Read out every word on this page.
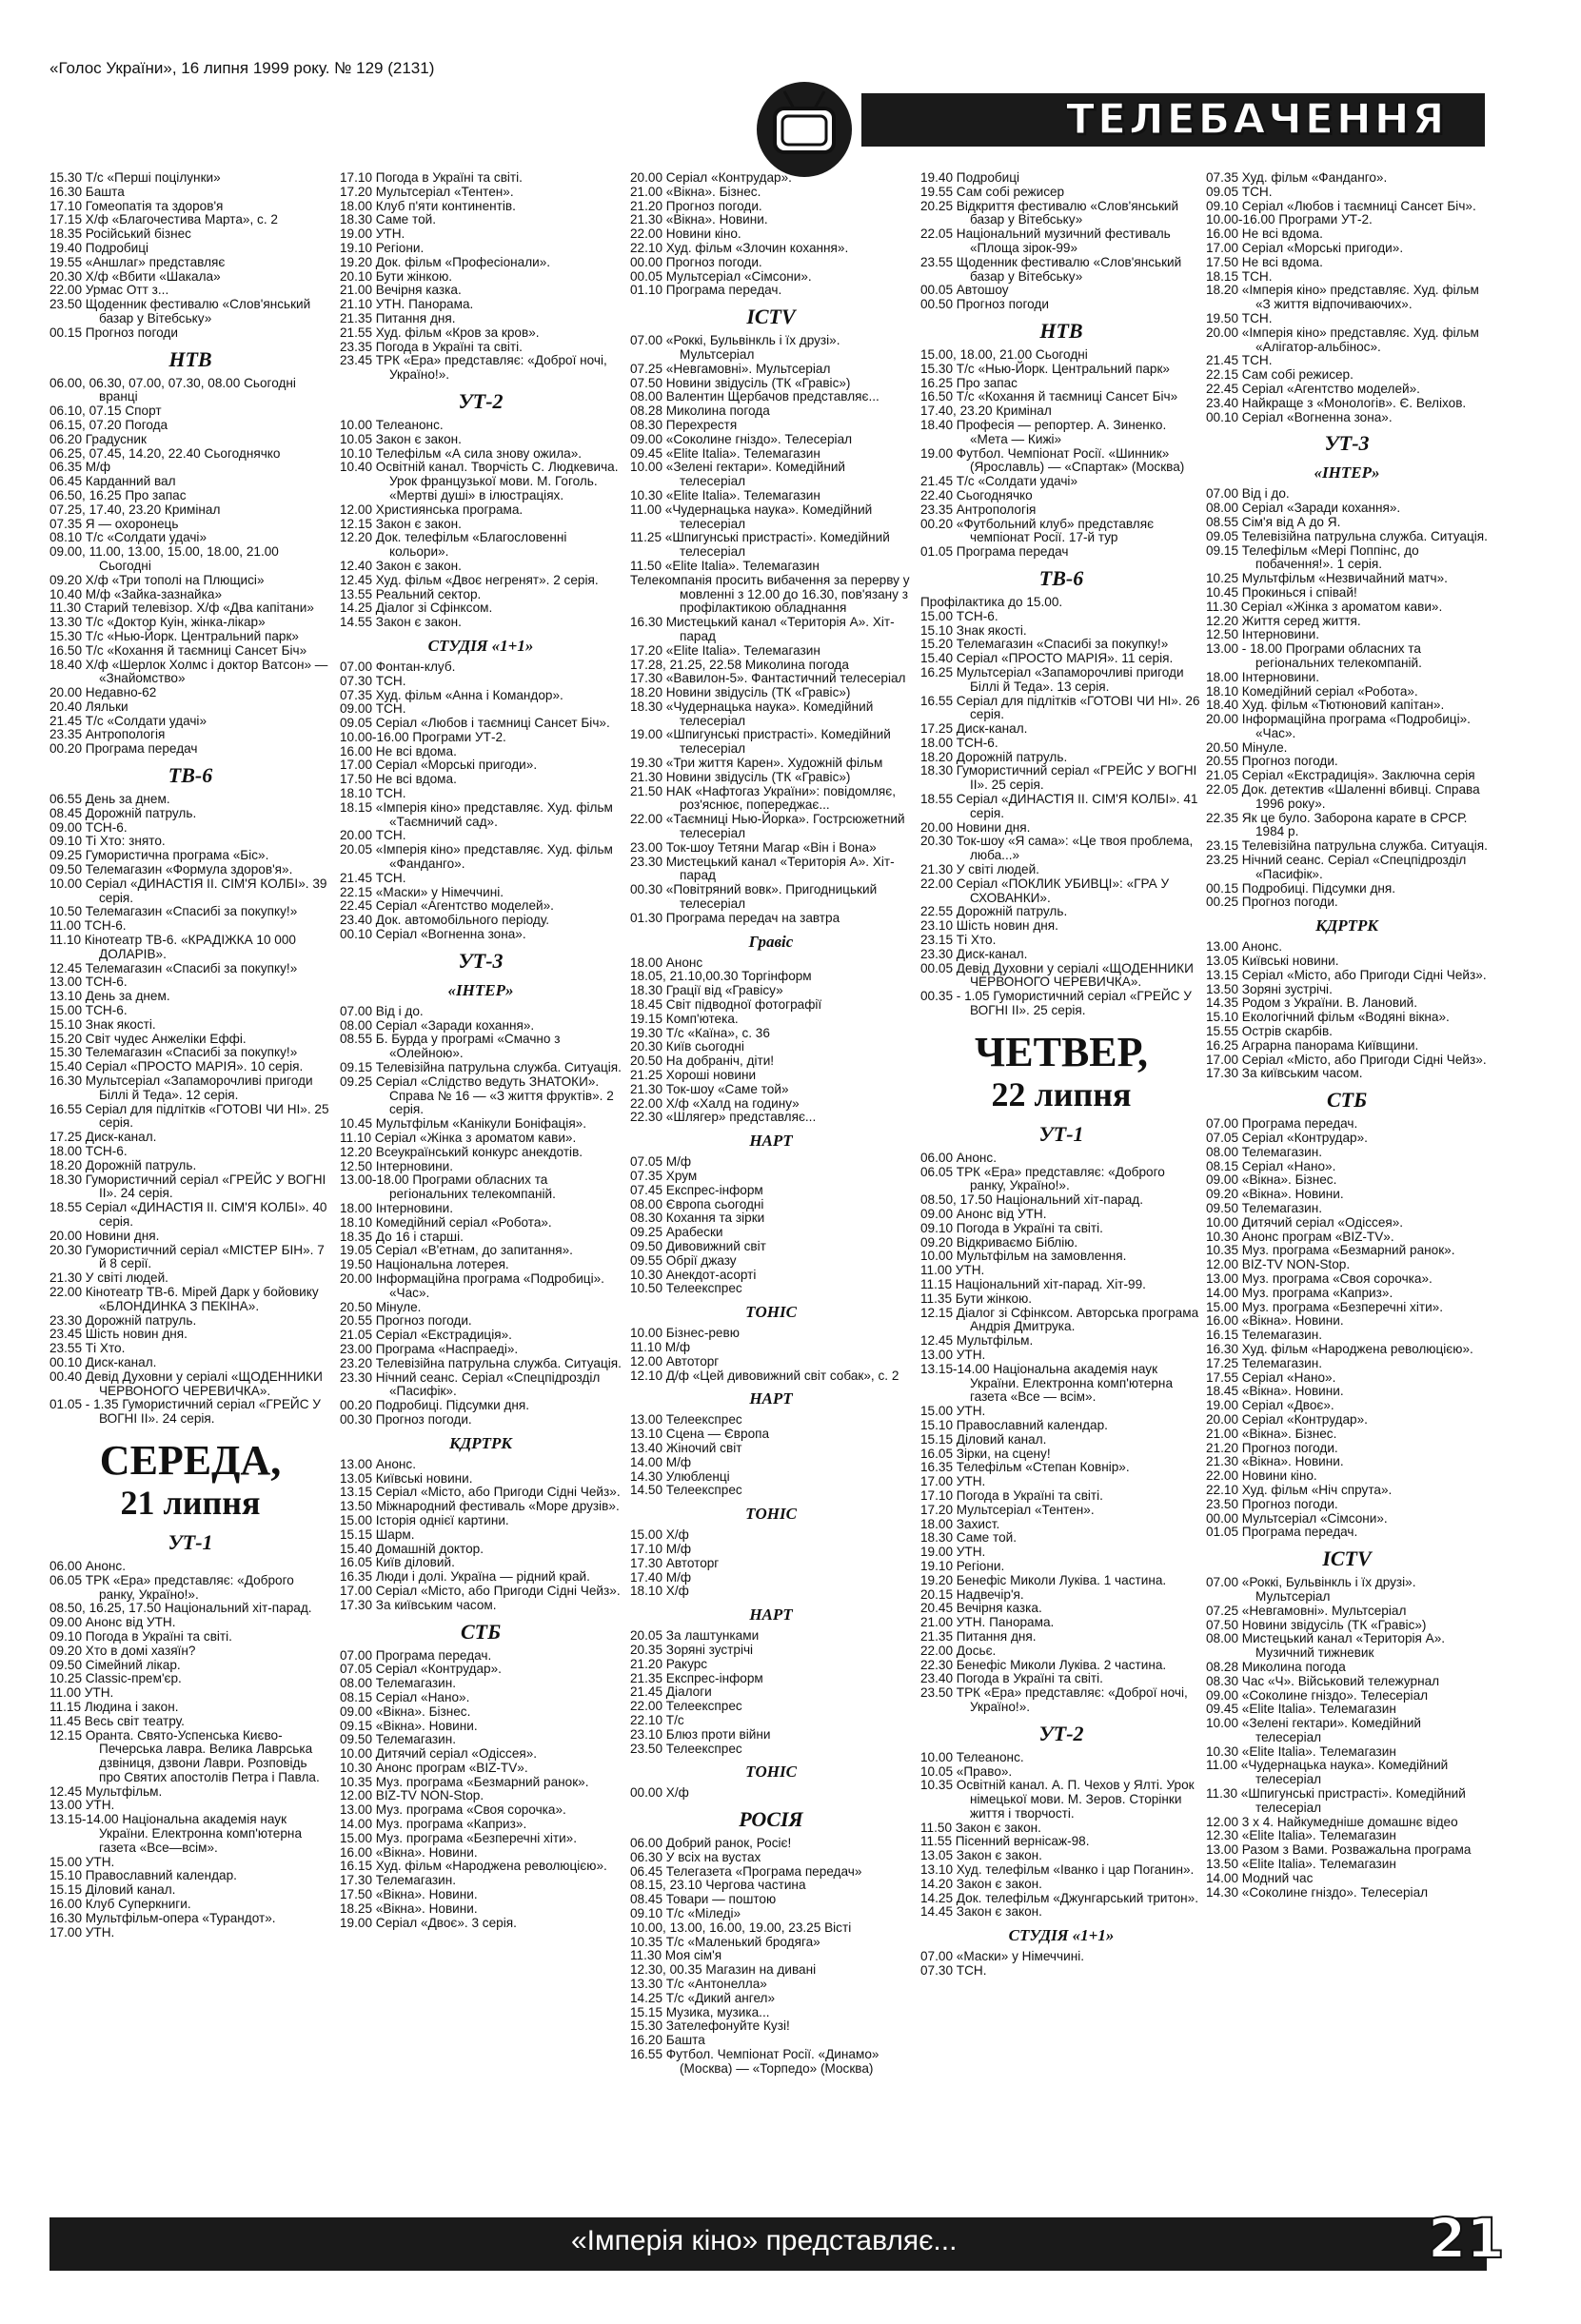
«Голос України», 16 липня 1999 року. № 129 (2131)
ТЕЛЕБАЧЕННЯ
15.30 Т/с «Перші поцілунки»
16.30 Башта
17.10 Гомеопатія та здоров'я
17.15 Х/ф «Благочестива Марта», с. 2
18.35 Російський бізнес
19.40 Подробиці
19.55 «Аншлаг» представляє
20.30 Х/ф «Вбити «Шакала»
22.00 Урмас Отт з...
23.50 Щоденник фестивалю «Слов'янський базар у Вітебську»
00.15 Прогноз погоди
НТВ
06.00, 06.30, 07.00, 07.30, 08.00 Сьогодні вранці
06.10, 07.15 Спорт
06.15, 07.20 Погода
06.20 Градусник
06.25, 07.45, 14.20, 22.40 Сьогоднячко
06.35 М/ф
06.45 Карданний вал
06.50, 16.25 Про запас
07.25, 17.40, 23.20 Кримінал
07.35 Я — охоронець
08.10 Т/с «Солдати удачі»
09.00, 11.00, 13.00, 15.00, 18.00, 21.00 Сьогодні
09.20 Х/ф «Три тополі на Плющисі»
10.40 М/ф «Зайка-зазнайка»
11.30 Старий телевізор. Х/ф «Два капітани»
13.30 Т/с «Доктор Куін, жінка-лікар»
15.30 Т/с «Нью-Йорк. Центральний парк»
16.50 Т/с «Кохання й таємниці Сансет Біч»
18.40 Х/ф «Шерлок Холмс і доктор Ватсон» — «Знайомство»
20.00 Недавно-62
20.40 Ляльки
21.45 Т/с «Солдати удачі»
23.35 Антропологія
00.20 Програма передач
ТВ-6
06.55 День за днем.
08.45 Дорожній патруль.
09.00 ТСН-6.
09.10 Ті Хто: знято.
09.25 Гумористична програма «Біс».
09.50 Телемагазин «Формула здоров'я».
10.00 Серіал «ДИНАСТІЯ ІІ. СІМ'Я КОЛБІ». 39 серія.
10.50 Телемагазин «Спасибі за покупку!»
11.00 ТСН-6.
11.10 Кінотеатр ТВ-6. «КРАДІЖКА 10 000 ДОЛАРІВ».
12.45 Телемагазин «Спасибі за покупку!»
13.00 ТСН-6.
13.10 День за днем.
15.00 ТСН-6.
15.10 Знак якості.
15.20 Світ чудес Анжеліки Еффі.
15.30 Телемагазин «Спасибі за покупку!»
15.40 Серіал «ПРОСТО МАРІЯ». 10 серія.
16.30 Мультсеріал «Запаморочливі пригоди Біллі й Теда». 12 серія.
16.55 Серіал для підлітків «ГОТОВІ ЧИ НІ». 25 серія.
17.25 Диск-канал.
18.00 ТСН-6.
18.20 Дорожній патруль.
18.30 Гумористичний серіал «ГРЕЙС У ВОГНІ ІІ». 24 серія.
18.55 Серіал «ДИНАСТІЯ ІІ. СІМ'Я КОЛБІ». 40 серія.
20.00 Новини дня.
20.30 Гумористичний серіал «МІСТЕР БІН». 7 й 8 серії.
21.30 У світі людей.
22.00 Кінотеатр ТВ-6. Мірей Дарк у бойовику «БЛОНДИНКА З ПЕКІНА».
23.30 Дорожній патруль.
23.45 Шість новин дня.
23.55 Ті Хто.
00.10 Диск-канал.
00.40 Девід Духовни у серіалі «ЩОДЕННИКИ ЧЕРВОНОГО ЧЕРЕВИЧКА».
01.05 - 1.35 Гумористичний серіал «ГРЕЙС У ВОГНІ ІІ». 24 серія.
СЕРЕДА,
21 липня
УТ-1
06.00 Анонс.
06.05 ТРК «Ера» представляє: «Доброго ранку, Україно!».
08.50, 16.25, 17.50 Національний хіт-парад.
09.00 Анонс від УТН.
09.10 Погода в Україні та світі.
09.20 Хто в домі хазяїн?
09.50 Сімейний лікар.
10.25 Classic-прем'єр.
11.00 УТН.
11.15 Людина і закон.
11.45 Весь світ театру.
12.15 Оранта. Свято-Успенська Києво-Печерська лавра. Велика Лаврська дзвіниця, дзвони Лаври. Розповідь про Святих апостолів Петра і Павла.
12.45 Мультфільм.
13.00 УТН.
13.15-14.00 Національна академія наук України. Електронна комп'ютерна газета «Все—всім».
15.00 УТН.
15.10 Православний календар.
15.15 Діловий канал.
16.00 Клуб Суперкниги.
16.30 Мультфільм-опера «Турандот».
17.00 УТН.
17.10 Погода в Україні та світі.
17.20 Мультсеріал «Тентен».
18.00 Клуб п'яти континентів.
18.30 Саме той.
19.00 УТН.
19.10 Регіони.
19.20 Док. фільм «Професіонали».
20.10 Бути жінкою.
21.00 Вечірня казка.
21.10 УТН. Панорама.
21.35 Питання дня.
21.55 Худ. фільм «Кров за кров».
23.35 Погода в Україні та світі.
23.45 ТРК «Ера» представляє: «Доброї ночі, Україно!».
УТ-2
10.00 Телеанонс.
10.05 Закон є закон.
10.10 Телефільм «А сила знову ожила».
10.40 Освітній канал. Творчість С. Людкевича. Урок французької мови. М. Гоголь. «Мертві душі» в ілюстраціях.
12.00 Християнська програма.
12.15 Закон є закон.
12.20 Док. телефільм «Благословенні кольори».
12.40 Закон є закон.
12.45 Худ. фільм «Двоє негренят». 2 серія.
13.55 Реальний сектор.
14.25 Діалог зі Сфінксом.
14.55 Закон є закон.
СТУДІЯ «1+1»
07.00 Фонтан-клуб.
07.30 ТСН.
07.35 Худ. фільм «Анна і Командор».
09.00 ТСН.
09.05 Серіал «Любов і таємниці Сансет Біч».
10.00-16.00 Програми УТ-2.
16.00 Не всі вдома.
17.00 Серіал «Морські пригоди».
17.50 Не всі вдома.
18.10 ТСН.
18.15 «Імперія кіно» представляє. Худ. фільм «Таємничий сад».
20.00 ТСН.
20.05 «Імперія кіно» представляє. Худ. фільм «Фанданго».
21.45 ТСН.
22.15 «Маски» у Німеччині.
22.45 Серіал «Агентство моделей».
23.40 Док. автомобільного періоду.
00.10 Серіал «Вогненна зона».
УТ-3
«ІНТЕР»
07.00 Від і до.
08.00 Серіал «Заради кохання».
08.55 Б. Бурда у програмі «Смачно з «Олейною».
09.15 Телевізійна патрульна служба. Ситуація.
09.25 Серіал «Слідство ведуть ЗНАТОКИ». Справа № 16 — «З життя фруктів». 2 серія.
10.45 Мультфільм «Канікули Боніфація».
11.10 Серіал «Жінка з ароматом кави».
12.20 Всеукраїнський конкурс анекдотів.
12.50 Інтерновини.
13.00-18.00 Програми обласних та регіональних телекомпаній.
18.00 Інтерновини.
18.10 Комедійний серіал «Робота».
18.35 До 16 і старші.
19.05 Серіал «В'етнам, до запитання».
19.50 Національна лотерея.
20.00 Інформаційна програма «Подробиці». «Час».
20.50 Мінуле.
20.55 Прогноз погоди.
21.05 Серіал «Екстрадиція».
23.00 Програма «Наспраеді».
23.20 Телевізійна патрульна служба. Ситуація.
23.30 Нічний сеанс. Серіал «Спецпідрозділ «Пасифік».
00.20 Подробиці. Підсумки дня.
00.30 Прогноз погоди.
КДРТРК
13.00 Анонс.
13.05 Київські новини.
13.15 Серіал «Місто, або Пригоди Сідні Чейз».
13.50 Міжнародний фестиваль «Море друзів».
15.00 Історія однієї картини.
15.15 Шарм.
15.40 Домашній доктор.
16.05 Київ діловий.
16.35 Люди і долі. Україна — рідний край.
17.00 Серіал «Місто, або Пригоди Сідні Чейз».
17.30 За київським часом.
СТБ
07.00 Програма передач.
07.05 Серіал «Контрудар».
08.00 Телемагазин.
08.15 Серіал «Нано».
09.00 «Вікна». Бізнес.
09.15 «Вікна». Новини.
09.50 Телемагазин.
10.00 Дитячий серіал «Одіссея».
10.30 Анонс програм «BIZ-TV».
10.35 Муз. програма «Безмарний ранок».
12.00 BIZ-TV NON-Stop.
13.00 Муз. програма «Своя сорочка».
14.00 Муз. програма «Каприз».
15.00 Муз. програма «Безперечні хіти».
16.00 «Вікна». Новини.
16.15 Худ. фільм «Народжена революцією».
17.30 Телемагазин.
17.50 «Вікна». Новини.
18.25 «Вікна». Новини.
19.00 Серіал «Двоє». 3 серія.
20.00 Серіал «Контрудар».
21.00 «Вікна». Бізнес.
21.20 Прогноз погоди.
21.30 «Вікна». Новини.
22.00 Новини кіно.
22.10 Худ. фільм «Злочин кохання».
00.00 Прогноз погоди.
00.05 Мультсеріал «Сімсони».
01.10 Програма передач.
ICTV
07.00 «Роккі, Бульвінкль і їх друзі». Мультсеріал
07.25 «Невгамовні». Мультсеріал
07.50 Новини звідусіль (ТК «Гравіс»)
08.00 Валентин Щербачов представляє...
08.28 Миколина погода
08.30 Перехрестя
09.00 «Соколине гніздо». Телесеріал
09.45 «Elite Italia». Телемагазин
10.00 «Зелені гектари». Комедійний телесеріал
10.30 «Elite Italia». Телемагазин
11.00 «Чудернацька наука». Комедійний телесеріал
11.25 «Шпигунські пристрасті». Комедійний телесеріал
11.50 «Elite Italia». Телемагазин
Телекомпанія просить вибачення за перерву у мовленні з 12.00 до 16.30, пов'язану з профілактикою обладнання
16.30 Мистецький канал «Територія А». Хіт-парад
17.20 «Elite Italia». Телемагазин
17.28, 21.25, 22.58 Миколина погода
17.30 «Вавилон-5». Фантастичний телесеріал
18.20 Новини звідусіль (ТК «Гравіс»)
18.30 «Чудернацька наука». Комедійний телесеріал
19.00 «Шпигунські пристрасті». Комедійний телесеріал
19.30 «Три життя Карен». Художній фільм
21.30 Новини звідусіль (ТК «Гравіс»)
21.50 НАК «Нафтогаз України»: повідомляє, роз'яснює, попереджає...
22.00 «Таємниці Нью-Йорка». Гострсюжетний телесеріал
23.00 Ток-шоу Тетяни Магар «Він і Вона»
23.30 Мистецький канал «Територія А». Хіт-парад
00.30 «Повітряний вовк». Пригодницький телесеріал
01.30 Програма передач на завтра
Гравіс
18.00 Анонс
18.05, 21.10,00.30 Торгінформ
18.30 Грації від «Гравісу»
18.45 Світ підводної фотографії
19.15 Комп'ютека.
19.30 Т/с «Каїна», с. 36
20.30 Київ сьогодні
20.50 На добраніч, діти!
21.25 Хороші новини
21.30 Ток-шоу «Саме той»
22.00 Х/ф «Халд на годину»
22.30 «Шлягер» представляє...
НАРТ
07.05 М/ф
07.35 Хрум
07.45 Експрес-інформ
08.00 Європа сьогодні
08.30 Кохання та зірки
09.25 Арабески
09.50 Дивовижний світ
09.55 Обрії джазу
10.30 Анекдот-асорті
10.50 Телеекспрес
ТОНІС
10.00 Бізнес-ревю
11.10 М/ф
12.00 Автоторг
12.10 Д/ф «Цей дивовижний світ собак», с. 2
НАРТ
13.00 Телеекспрес
13.10 Сцена — Європа
13.40 Жіночий світ
14.00 М/ф
14.30 Улюбленці
14.50 Телеекспрес
ТОНІС
15.00 Х/ф
17.10 М/ф
17.30 Автоторг
17.40 М/ф
18.10 Х/ф
НАРТ
20.05 За лаштунками
20.35 Зоряні зустрічі
21.20 Ракурс
21.35 Експрес-інформ
21.45 Діалоги
22.00 Телеекспрес
22.10 Т/с
23.10 Блюз проти війни
23.50 Телеекспрес
ТОНІС
00.00 Х/ф
РОСІЯ
06.00 Добрий ранок, Росіє!
06.30 У всіх на вустах
06.45 Телегазета «Програма передач»
08.15, 23.10 Чергова частина
08.45 Товари — поштою
09.10 Т/с «Міледі»
10.00, 13.00, 16.00, 19.00, 23.25 Вісті
10.35 Т/с «Маленький бродяга»
11.30 Моя сім'я
12.30, 00.35 Магазин на дивані
13.30 Т/с «Антонелла»
14.25 Т/с «Дикий ангел»
15.15 Музика, музика...
15.30 Зателефонуйте Кузі!
16.20 Башта
16.55 Футбол. Чемпіонат Росії. «Динамо» (Москва) — «Торпедо» (Москва)
19.40 Подробиці
19.55 Сам собі режисер
20.25 Відкриття фестивалю «Слов'янський базар у Вітебську»
22.05 Національний музичний фестиваль «Площа зірок-99»
23.55 Щоденник фестивалю «Слов'янський базар у Вітебську»
00.05 Автошоу
00.50 Прогноз погоди
НТВ
15.00, 18.00, 21.00 Сьогодні
15.30 Т/с «Нью-Йорк. Центральний парк»
16.25 Про запас
16.50 Т/с «Кохання й таємниці Сансет Біч»
17.40, 23.20 Кримінал
18.40 Професія — репортер. А. Зиненко. «Мета — Кижі»
19.00 Футбол. Чемпіонат Росії. «Шинник» (Ярославль) — «Спартак» (Москва)
21.45 Т/с «Солдати удачі»
22.40 Сьогоднячко
23.35 Антропологія
00.20 «Футбольний клуб» представляє чемпіонат Росії. 17-й тур
01.05 Програма передач
ТВ-6
Профілактика до 15.00.
15.00 ТСН-6.
15.10 Знак якості.
15.20 Телемагазин «Спасибі за покупку!»
15.40 Серіал «ПРОСТО МАРІЯ». 11 серія.
16.25 Мультсеріал «Запаморочливі пригоди Біллі й Теда». 13 серія.
16.55 Серіал для підлітків «ГОТОВІ ЧИ НІ». 26 серія.
17.25 Диск-канал.
18.00 ТСН-6.
18.20 Дорожній патруль.
18.30 Гумористичний серіал «ГРЕЙС У ВОГНІ ІІ». 25 серія.
18.55 Серіал «ДИНАСТІЯ ІІ. СІМ'Я КОЛБІ». 41 серія.
20.00 Новини дня.
20.30 Ток-шоу «Я сама»: «Це твоя проблема, люба...»
21.30 У світі людей.
22.00 Серіал «ПОКЛИК УБИВЦІ»: «ГРА У СХОВАНКИ».
22.55 Дорожній патруль.
23.10 Шість новин дня.
23.15 Ті Хто.
23.30 Диск-канал.
00.05 Девід Духовни у серіалі «ЩОДЕННИКИ ЧЕРВОНОГО ЧЕРЕВИЧКА».
00.35 - 1.05 Гумористичний серіал «ГРЕЙС У ВОГНІ ІІ». 25 серія.
ЧЕТВЕР,
22 липня
УТ-1
06.00 Анонс.
06.05 ТРК «Ера» представляє: «Доброго ранку, Україно!».
08.50, 17.50 Національний хіт-парад.
09.00 Анонс від УТН.
09.10 Погода в Україні та світі.
09.20 Відкриваємо Біблію.
10.00 Мультфільм на замовлення.
11.00 УТН.
11.15 Національний хіт-парад. Хіт-99.
11.35 Бути жінкою.
12.15 Діалог зі Сфінксом. Авторська програма Андрія Дмитрука.
12.45 Мультфільм.
13.00 УТН.
13.15-14.00 Національна академія наук України. Електронна комп'ютерна газета «Все — всім».
15.00 УТН.
15.10 Православний календар.
15.15 Діловий канал.
16.05 Зірки, на сцену!
16.35 Телефільм «Степан Ковнір».
17.00 УТН.
17.10 Погода в Україні та світі.
17.20 Мультсеріал «Тентен».
18.00 Захист.
18.30 Саме той.
19.00 УТН.
19.10 Регіони.
19.20 Бенефіс Миколи Луківа. 1 частина.
20.15 Надвечір'я.
20.45 Вечірня казка.
21.00 УТН. Панорама.
21.35 Питання дня.
22.00 Досьє.
22.30 Бенефіс Миколи Луківа. 2 частина.
23.40 Погода в Україні та світі.
23.50 ТРК «Ера» представляє: «Доброї ночі, Україно!».
УТ-2
10.00 Телеанонс.
10.05 «Право».
10.35 Освітній канал. А. П. Чехов у Ялті. Урок німецької мови. М. Зеров. Сторінки життя і творчості.
11.50 Закон є закон.
11.55 Пісенний вернісаж-98.
13.05 Закон є закон.
13.10 Худ. телефільм «Іванко і цар Поганин».
14.20 Закон є закон.
14.25 Док. телефільм «Джунгарський тритон».
14.45 Закон є закон.
СТУДІЯ «1+1»
07.00 «Маски» у Німеччині.
07.30 ТСН.
07.35 Худ. фільм «Фанданго».
09.05 ТСН.
09.10 Серіал «Любов і таємниці Сансет Біч».
10.00-16.00 Програми УТ-2.
16.00 Не всі вдома.
17.00 Серіал «Морські пригоди».
17.50 Не всі вдома.
18.15 ТСН.
18.20 «Імперія кіно» представляє. Худ. фільм «З життя відпочиваючих».
19.50 ТСН.
20.00 «Імперія кіно» представляє. Худ. фільм «Алігатор-альбінос».
21.45 ТСН.
22.15 Сам собі режисер.
22.45 Серіал «Агентство моделей».
23.40 Найкраще з «Монологів». Є. Веліхов.
00.10 Серіал «Вогненна зона».
УТ-3
«ІНТЕР»
07.00 Від і до.
08.00 Серіал «Заради кохання».
08.55 Сім'я від А до Я.
09.05 Телевізійна патрульна служба. Ситуація.
09.15 Телефільм «Мері Поппінс, до побачення!». 1 серія.
10.25 Мультфільм «Незвичайний матч».
10.45 Прокинься і співай!
11.30 Серіал «Жінка з ароматом кави».
12.20 Життя серед життя.
12.50 Інтерновини.
13.00 - 18.00 Програми обласних та регіональних телекомпаній.
18.00 Інтерновини.
18.10 Комедійний серіал «Робота».
18.40 Худ. фільм «Тютюновий капітан».
20.00 Інформаційна програма «Подробиці». «Час».
20.50 Мінуле.
20.55 Прогноз погоди.
21.05 Серіал «Екстрадиція». Заключна серія
22.05 Док. детектив «Шаленні вбивці. Справа 1996 року».
22.35 Як це було. Заборона карате в СРСР. 1984 р.
23.15 Телевізійна патрульна служба. Ситуація.
23.25 Нічний сеанс. Серіал «Спецпідрозділ «Пасифік».
00.15 Подробиці. Підсумки дня.
00.25 Прогноз погоди.
КДРТРК
13.00 Анонс.
13.05 Київські новини.
13.15 Серіал «Місто, або Пригоди Сідні Чейз».
13.50 Зоряні зустрічі.
14.35 Родом з України. В. Лановий.
15.10 Екологічний фільм «Водяні вікна».
15.55 Острів скарбів.
16.25 Аграрна панорама Київщини.
17.00 Серіал «Місто, або Пригоди Сідні Чейз».
17.30 За київським часом.
СТБ
07.00 Програма передач.
07.05 Серіал «Контрудар».
08.00 Телемагазин.
08.15 Серіал «Нано».
09.00 «Вікна». Бізнес.
09.20 «Вікна». Новини.
09.50 Телемагазин.
10.00 Дитячий серіал «Одіссея».
10.30 Анонс програм «BIZ-TV».
10.35 Муз. програма «Безмарний ранок».
12.00 BIZ-TV NON-Stop.
13.00 Муз. програма «Своя сорочка».
14.00 Муз. програма «Каприз».
15.00 Муз. програма «Безперечні хіти».
16.00 «Вікна». Новини.
16.15 Телемагазин.
16.30 Худ. фільм «Народжена революцією».
17.25 Телемагазин.
17.55 Серіал «Нано».
18.45 «Вікна». Новини.
19.00 Серіал «Двоє».
20.00 Серіал «Контрудар».
21.00 «Вікна». Бізнес.
21.20 Прогноз погоди.
21.30 «Вікна». Новини.
22.00 Новини кіно.
22.10 Худ. фільм «Ніч спрута».
23.50 Прогноз погоди.
00.00 Мультсеріал «Сімсони».
01.05 Програма передач.
ICTV
07.00 «Роккі, Бульвінкль і їх друзі». Мультсеріал
07.25 «Невгамовні». Мультсеріал
07.50 Новини звідусіль (ТК «Гравіс»)
08.00 Мистецький канал «Територія А». Музичний тижневик
08.28 Миколина погода
08.30 Час «Ч». Військовий тележурнал
09.00 «Соколине гніздо». Телесеріал
09.45 «Elite Italia». Телемагазин
10.00 «Зелені гектари». Комедійний телесеріал
10.30 «Elite Italia». Телемагазин
11.00 «Чудернацька наука». Комедійний телесеріал
11.30 «Шпигунські пристрасті». Комедійний телесеріал
12.00 3 х 4. Найкумедніше домашнє відео
12.30 «Elite Italia». Телемагазин
13.00 Разом з Вами. Розважальна програма
13.50 «Elite Italia». Телемагазин
14.00 Модний час
14.30 «Соколине гніздо». Телесеріал
«Імперія кіно» представляє...	21
